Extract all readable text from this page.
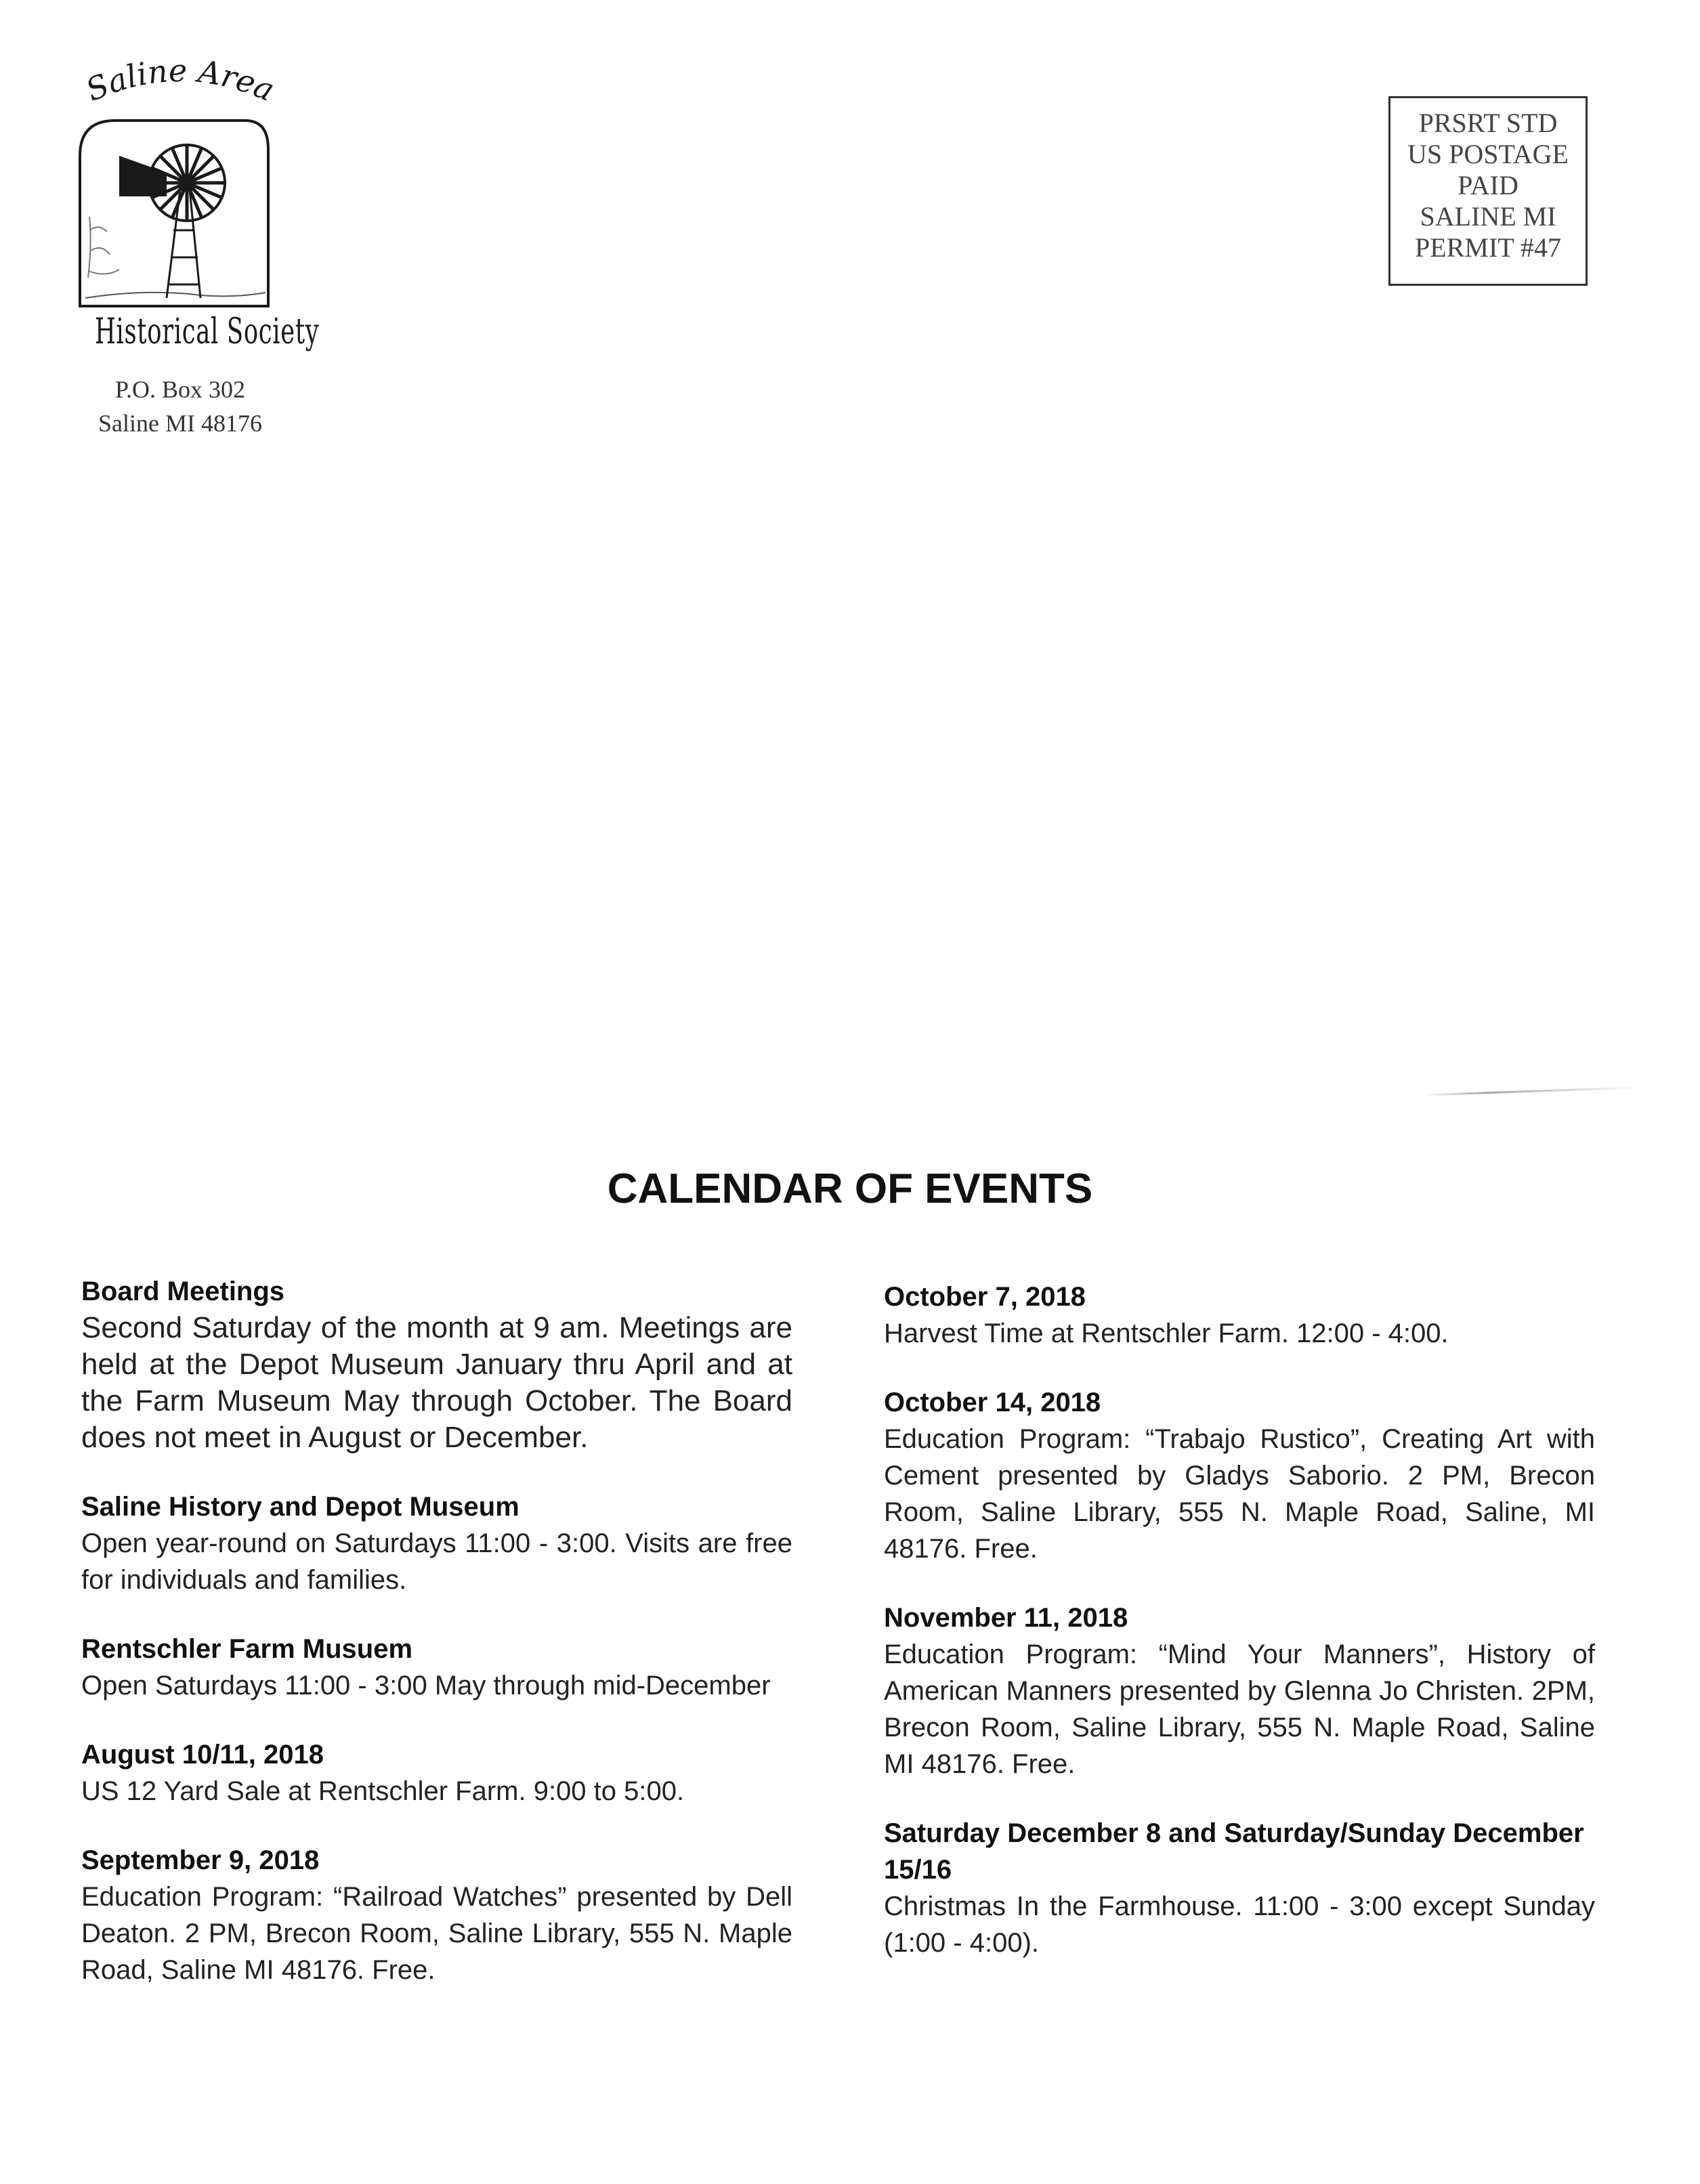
Saline Area
Historical Society
P.O. Box 302
Saline MI 48176
PRSRT STD
US POSTAGE
PAID
SALINE MI
PERMIT #47
CALENDAR OF EVENTS
Board Meetings
Second Saturday of the month at 9 am. Meetings are held at the Depot Museum January thru April and at the Farm Museum May through October. The Board does not meet in August or December.
Saline History and Depot Museum
Open year-round on Saturdays 11:00 - 3:00. Visits are free for individuals and families.
Rentschler Farm Musuem
Open Saturdays 11:00 - 3:00 May through mid-December
August 10/11, 2018
US 12 Yard Sale at Rentschler Farm. 9:00 to 5:00.
September 9, 2018
Education Program: “Railroad Watches” presented by Dell Deaton. 2 PM, Brecon Room, Saline Library, 555 N. Maple Road, Saline MI 48176. Free.
October 7, 2018
Harvest Time at Rentschler Farm. 12:00 - 4:00.
October 14, 2018
Education Program: “Trabajo Rustico”, Creating Art with Cement presented by Gladys Saborio. 2 PM, Brecon Room, Saline Library, 555 N. Maple Road, Saline, MI 48176. Free.
November 11, 2018
Education Program: “Mind Your Manners”, History of American Manners presented by Glenna Jo Christen. 2PM, Brecon Room, Saline Library, 555 N. Maple Road, Saline MI 48176. Free.
Saturday December 8 and Saturday/Sunday December 15/16
Christmas In the Farmhouse. 11:00 - 3:00 except Sunday (1:00 - 4:00).
